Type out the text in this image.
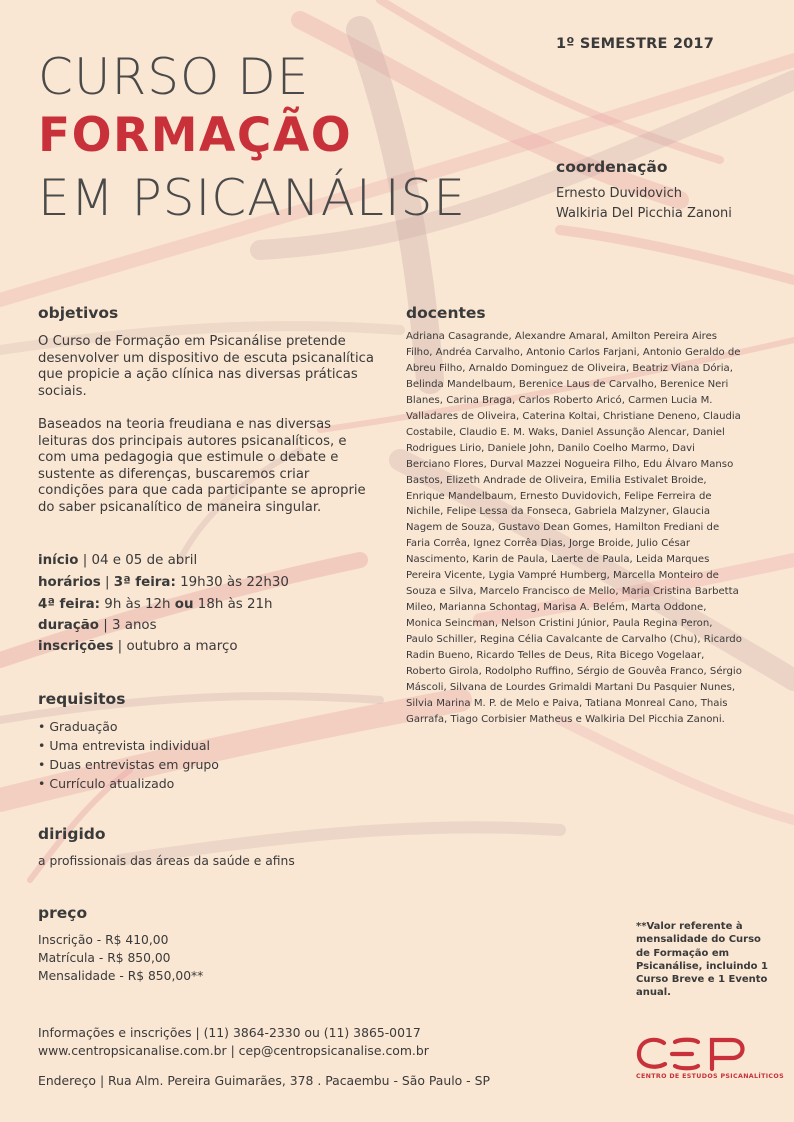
1º SEMESTRE 2017
CURSO DE
FORMAÇÃO
EM PSICANÁLISE
coordenação
Ernesto Duvidovich
Walkiria Del Picchia Zanoni
objetivos
O Curso de Formação em Psicanálise pretende desenvolver um dispositivo de escuta psicanalítica que propicie a ação clínica nas diversas práticas sociais.
Baseados na teoria freudiana e nas diversas leituras dos principais autores psicanalíticos, e com uma pedagogia que estimule o debate e sustente as diferenças, buscaremos criar condições para que cada participante se aproprie do saber psicanalítico de maneira singular.
início | 04 e 05 de abril
horários | 3ª feira: 19h30 às 22h30
4ª feira: 9h às 12h ou 18h às 21h
duração | 3 anos
inscrições | outubro a março
requisitos
• Graduação
• Uma entrevista individual
• Duas entrevistas em grupo
• Currículo atualizado
dirigido
a profissionais das áreas da saúde e afins
preço
Inscrição - R$ 410,00
Matrícula - R$ 850,00
Mensalidade - R$ 850,00**
**Valor referente à mensalidade do Curso de Formação em Psicanálise, incluindo 1 Curso Breve e 1 Evento anual.
docentes
Adriana Casagrande, Alexandre Amaral, Amilton Pereira Aires Filho, Andréa Carvalho, Antonio Carlos Farjani, Antonio Geraldo de Abreu Filho, Arnaldo Dominguez de Oliveira, Beatriz Viana Dória, Belinda Mandelbaum, Berenice Laus de Carvalho, Berenice Neri Blanes, Carina Braga, Carlos Roberto Aricó, Carmen Lucia M. Valladares de Oliveira, Caterina Koltai, Christiane Deneno, Claudia Costabile, Claudio E. M. Waks, Daniel Assunção Alencar, Daniel Rodrigues Lirio, Daniele John, Danilo Coelho Marmo, Davi Berciano Flores, Durval Mazzei Nogueira Filho, Edu Álvaro Manso Bastos, Elizeth Andrade de Oliveira, Emilia Estivalet Broide, Enrique Mandelbaum, Ernesto Duvidovich, Felipe Ferreira de Nichile, Felipe Lessa da Fonseca, Gabriela Malzyner, Glaucia Nagem de Souza, Gustavo Dean Gomes, Hamilton Frediani de Faria Corrêa, Ignez Corrêa Dias, Jorge Broide, Julio César Nascimento, Karin de Paula, Laerte de Paula, Leida Marques Pereira Vicente, Lygia Vampré Humberg, Marcella Monteiro de Souza e Silva, Marcelo Francisco de Mello, Maria Cristina Barbetta Mileo, Marianna Schontag, Marisa A. Belém, Marta Oddone, Monica Seincman, Nelson Cristini Júnior, Paula Regina Peron, Paulo Schiller, Regina Célia Cavalcante de Carvalho (Chu), Ricardo Radin Bueno, Ricardo Telles de Deus, Rita Bicego Vogelaar, Roberto Girola, Rodolpho Ruffino, Sérgio de Gouvêa Franco, Sérgio Máscoli, Silvana de Lourdes Grimaldi Martani Du Pasquier Nunes, Silvia Marina M. P. de Melo e Paiva, Tatiana Monreal Cano, Thais Garrafa, Tiago Corbisier Matheus e Walkiria Del Picchia Zanoni.
Informações e inscrições | (11) 3864-2330 ou (11) 3865-0017
www.centropsicanalise.com.br | cep@centropsicanalise.com.br
Endereço | Rua Alm. Pereira Guimarães, 378 . Pacaembu - São Paulo - SP	CENTRO DE ESTUDOS PSICANALÍTICOS
